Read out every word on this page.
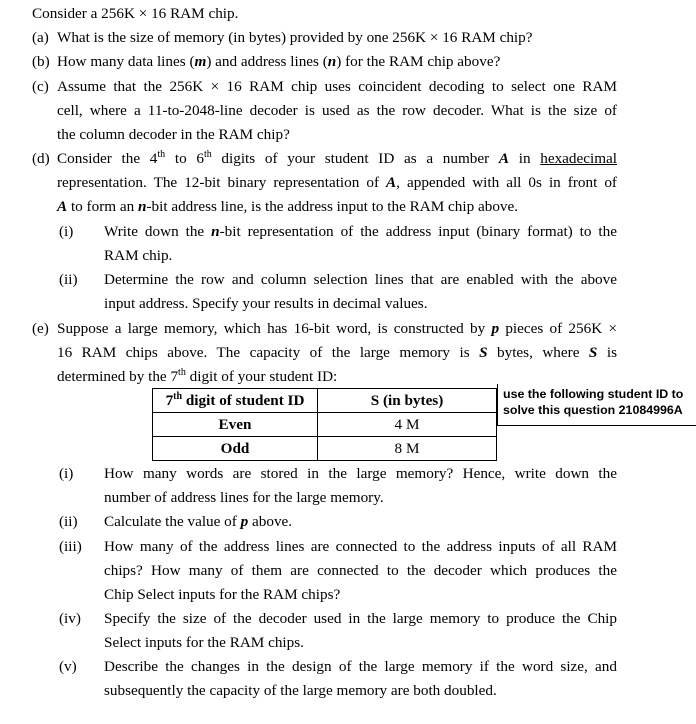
Consider a 256K × 16 RAM chip.
(a) What is the size of memory (in bytes) provided by one 256K × 16 RAM chip?
(b) How many data lines (m) and address lines (n) for the RAM chip above?
(c) Assume that the 256K × 16 RAM chip uses coincident decoding to select one RAM
cell, where a 11-to-2048-line decoder is used as the row decoder. What is the size of
the column decoder in the RAM chip?
(d) Consider the 4th to 6th digits of your student ID as a number A in hexadecimal
representation. The 12-bit binary representation of A, appended with all 0s in front of
A to form an n-bit address line, is the address input to the RAM chip above.
(i) Write down the n-bit representation of the address input (binary format) to the
RAM chip.
(ii) Determine the row and column selection lines that are enabled with the above
input address. Specify your results in decimal values.
(e) Suppose a large memory, which has 16-bit word, is constructed by p pieces of 256K ×
16 RAM chips above. The capacity of the large memory is S bytes, where S is
determined by the 7th digit of your student ID:
7th digit of student ID	S (in bytes)
Even	4 M
Odd	8 M
use the following student ID to
solve this question 21084996A
(i) How many words are stored in the large memory? Hence, write down the
number of address lines for the large memory.
(ii) Calculate the value of p above.
(iii) How many of the address lines are connected to the address inputs of all RAM
chips? How many of them are connected to the decoder which produces the
Chip Select inputs for the RAM chips?
(iv) Specify the size of the decoder used in the large memory to produce the Chip
Select inputs for the RAM chips.
(v) Describe the changes in the design of the large memory if the word size, and
subsequently the capacity of the large memory are both doubled.
